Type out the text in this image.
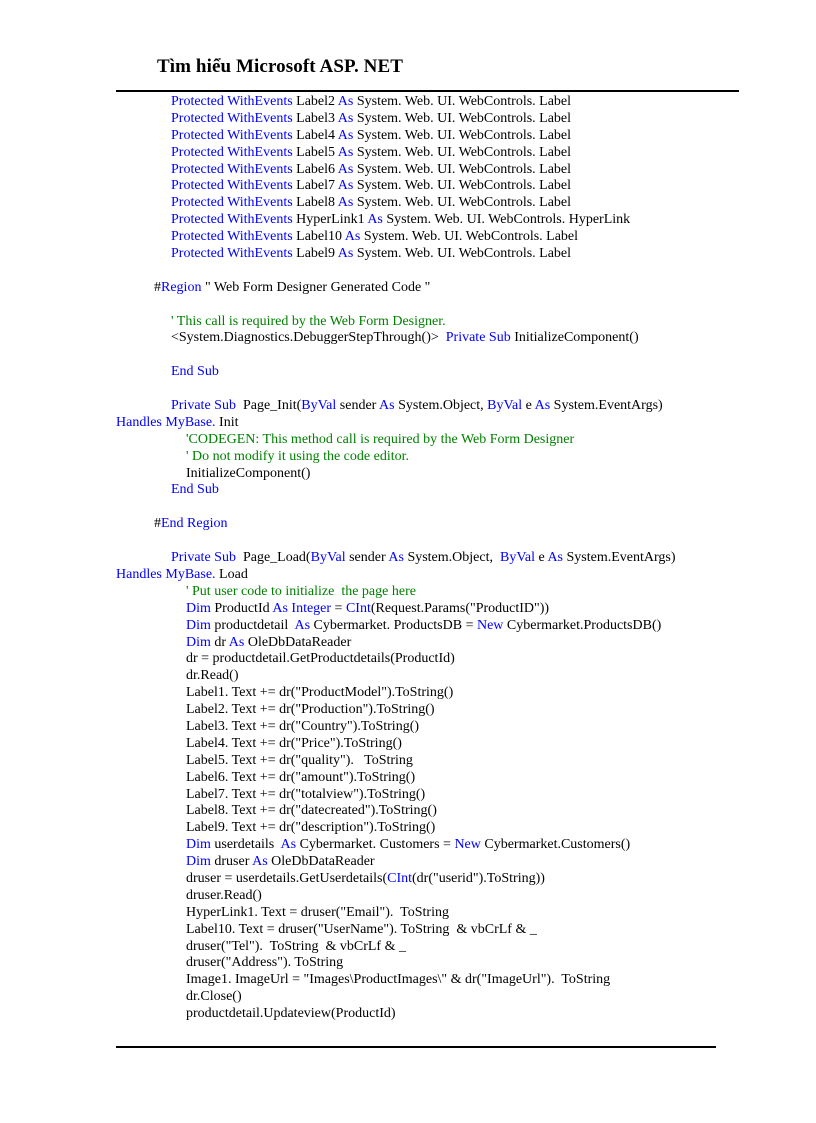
Tìm hiểu Microsoft ASP. NET
Protected WithEvents Label2 As System. Web. UI. WebControls. Label
Protected WithEvents Label3 As System. Web. UI. WebControls. Label
Protected WithEvents Label4 As System. Web. UI. WebControls. Label
Protected WithEvents Label5 As System. Web. UI. WebControls. Label
Protected WithEvents Label6 As System. Web. UI. WebControls. Label
Protected WithEvents Label7 As System. Web. UI. WebControls. Label
Protected WithEvents Label8 As System. Web. UI. WebControls. Label
Protected WithEvents HyperLink1 As System. Web. UI. WebControls. HyperLink
Protected WithEvents Label10 As System. Web. UI. WebControls. Label
Protected WithEvents Label9 As System. Web. UI. WebControls. Label
#Region " Web Form Designer Generated Code "
' This call is required by the Web Form Designer.
<System.Diagnostics.DebuggerStepThrough()>  Private Sub InitializeComponent()
End Sub
Private Sub  Page_Init(ByVal sender As System.Object, ByVal e As System.EventArgs)
Handles MyBase. Init
'CODEGEN: This method call is required by the Web Form Designer
' Do not modify it using the code editor.
InitializeComponent()
End Sub
#End Region
Private Sub  Page_Load(ByVal sender As System.Object,  ByVal e As System.EventArgs)
Handles MyBase. Load
' Put user code to initialize  the page here
Dim ProductId As Integer = CInt(Request.Params("ProductID"))
Dim productdetail  As Cybermarket. ProductsDB = New Cybermarket.ProductsDB()
Dim dr As OleDbDataReader
dr = productdetail.GetProductdetails(ProductId)
dr.Read()
Label1. Text += dr("ProductModel").ToString()
Label2. Text += dr("Production").ToString()
Label3. Text += dr("Country").ToString()
Label4. Text += dr("Price").ToString()
Label5. Text += dr("quality").   ToString
Label6. Text += dr("amount").ToString()
Label7. Text += dr("totalview").ToString()
Label8. Text += dr("datecreated").ToString()
Label9. Text += dr("description").ToString()
Dim userdetails  As Cybermarket. Customers = New Cybermarket.Customers()
Dim druser As OleDbDataReader
druser = userdetails.GetUserdetails(CInt(dr("userid").ToString))
druser.Read()
HyperLink1. Text = druser("Email").  ToString
Label10. Text = druser("UserName"). ToString  & vbCrLf & _
druser("Tel").  ToString  & vbCrLf & _
druser("Address"). ToString
Image1. ImageUrl = "Images\ProductImages\" & dr("ImageUrl").  ToString
dr.Close()
productdetail.Updateview(ProductId)
